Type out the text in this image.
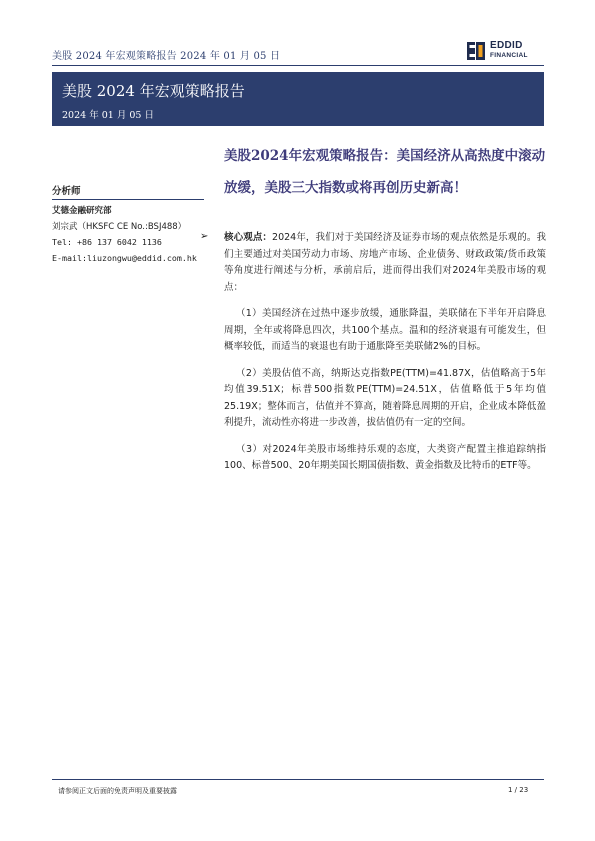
美股 2024 年宏观策略报告 2024 年 01 月 05 日
EDDID
FINANCIAL
美股 2024 年宏观策略报告
2024 年 01 月 05 日
美股2024年宏观策略报告：美国经济从高热度中滚动放缓，美股三大指数或将再创历史新高！
分析师
艾德金融研究部
刘宗武（HKSFC CE No.:BSJ488）
Tel: +86 137 6042 1136
E-mail:liuzongwu@eddid.com.hk
➢ 核心观点：2024年，我们对于美国经济及证券市场的观点依然是乐观的。我们主要通过对美国劳动力市场、房地产市场、企业债务、财政政策/货币政策等角度进行阐述与分析，承前启后，进而得出我们对2024年美股市场的观点：

（1）美国经济在过热中逐步放缓，通胀降温，美联储在下半年开启降息周期，全年或将降息四次，共100个基点。温和的经济衰退有可能发生，但概率较低，而适当的衰退也有助于通胀降至美联储2%的目标。

（2）美股估值不高，纳斯达克指数PE(TTM)=41.87X，估值略高于5年均值39.51X；标普500指数PE(TTM)=24.51X，估值略低于5年均值25.19X；整体而言，估值并不算高，随着降息周期的开启，企业成本降低盈利提升，流动性亦将进一步改善，拔估值仍有一定的空间。

（3）对2024年美股市场维持乐观的态度，大类资产配置主推追踪纳指100、标普500、20年期美国长期国债指数、黄金指数及比特币的ETF等。

请参阅正文后面的免责声明及重要披露	1 / 23
